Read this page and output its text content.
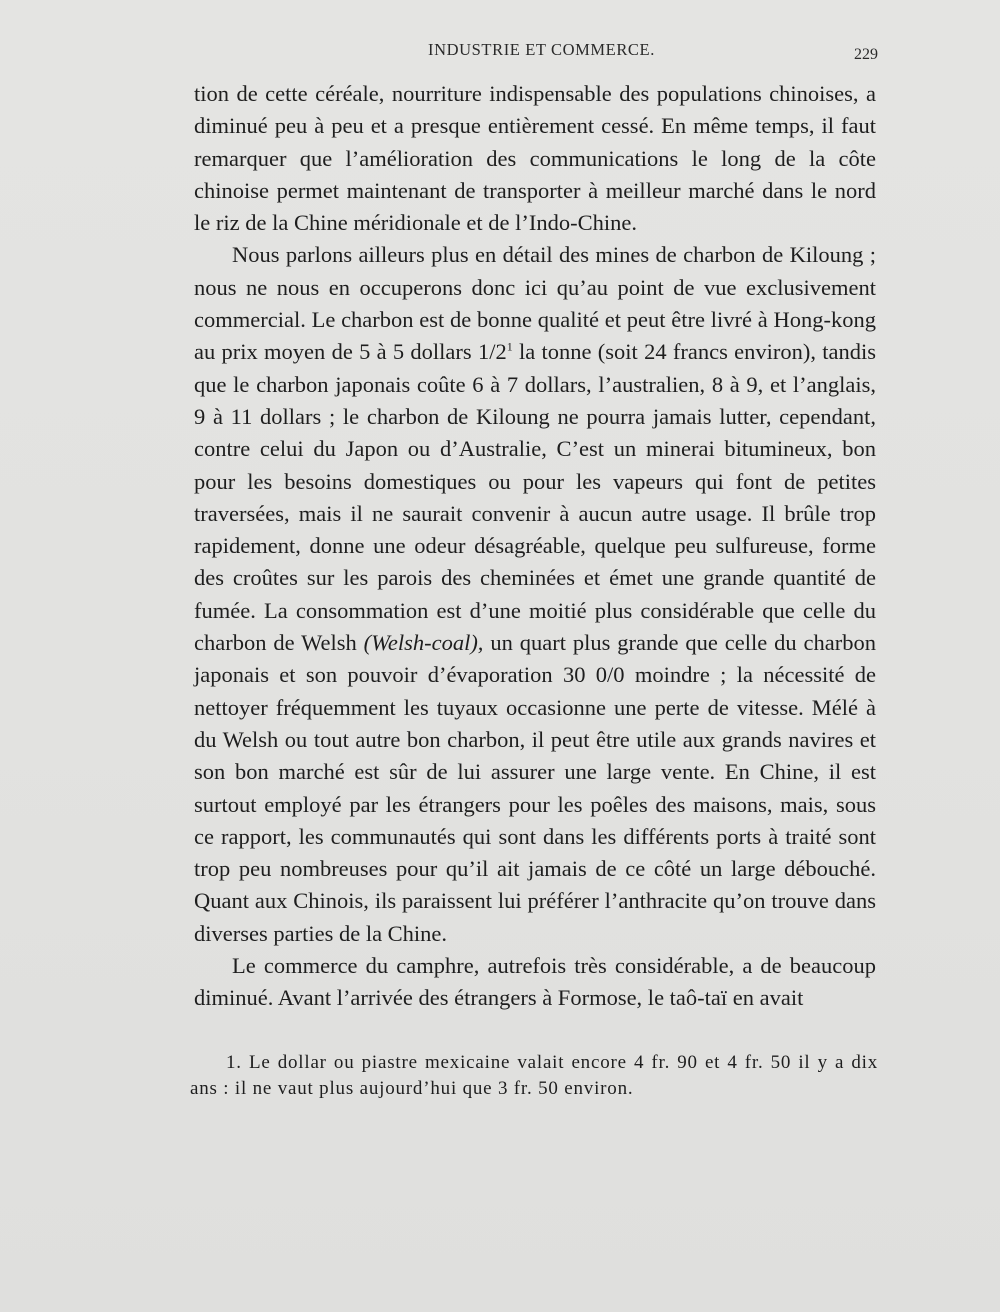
INDUSTRIE ET COMMERCE.	229

tion de cette céréale, nourriture indispensable des populations chinoises, a diminué peu à peu et a presque entièrement cessé. En même temps, il faut remarquer que l’amélioration des communications le long de la côte chinoise permet maintenant de transporter à meilleur marché dans le nord le riz de la Chine méridionale et de l’Indo-Chine.

Nous parlons ailleurs plus en détail des mines de charbon de Kiloung ; nous ne nous en occuperons donc ici qu’au point de vue exclusivement commercial. Le charbon est de bonne qualité et peut être livré à Hong-kong au prix moyen de 5 à 5 dollars $1/2^1$ la tonne (soit 24 francs environ), tandis que le charbon japonais coûte 6 à 7 dollars, l’australien, 8 à 9, et l’anglais, 9 à 11 dollars ; le charbon de Kiloung ne pourra jamais lutter, cependant, contre celui du Japon ou d’Australie, C’est un minerai bitumineux, bon pour les besoins domestiques ou pour les vapeurs qui font de petites traversées, mais il ne saurait convenir à aucun autre usage. Il brûle trop rapidement, donne une odeur désagréable, quelque peu sulfureuse, forme des croûtes sur les parois des cheminées et émet une grande quantité de fumée. La consommation est d’une moitié plus considérable que celle du charbon de Welsh (Welsh-coal), un quart plus grande que celle du charbon japonais et son pouvoir d’évaporation 30 0/0 moindre ; la nécessité de nettoyer fréquemment les tuyaux occasionne une perte de vitesse. Mélé à du Welsh ou tout autre bon charbon, il peut être utile aux grands navires et son bon marché est sûr de lui assurer une large vente. En Chine, il est surtout employé par les étrangers pour les poêles des maisons, mais, sous ce rapport, les communautés qui sont dans les différents ports à traité sont trop peu nombreuses pour qu’il ait jamais de ce côté un large débouché. Quant aux Chinois, ils paraissent lui préférer l’anthracite qu’on trouve dans diverses parties de la Chine.

Le commerce du camphre, autrefois très considérable, a de beaucoup diminué. Avant l’arrivée des étrangers à Formose, le taô-taï en avait

1. Le dollar ou piastre mexicaine valait encore 4 fr. 90 et 4 fr. 50 il y a dix ans : il ne vaut plus aujourd’hui que 3 fr. 50 environ.
